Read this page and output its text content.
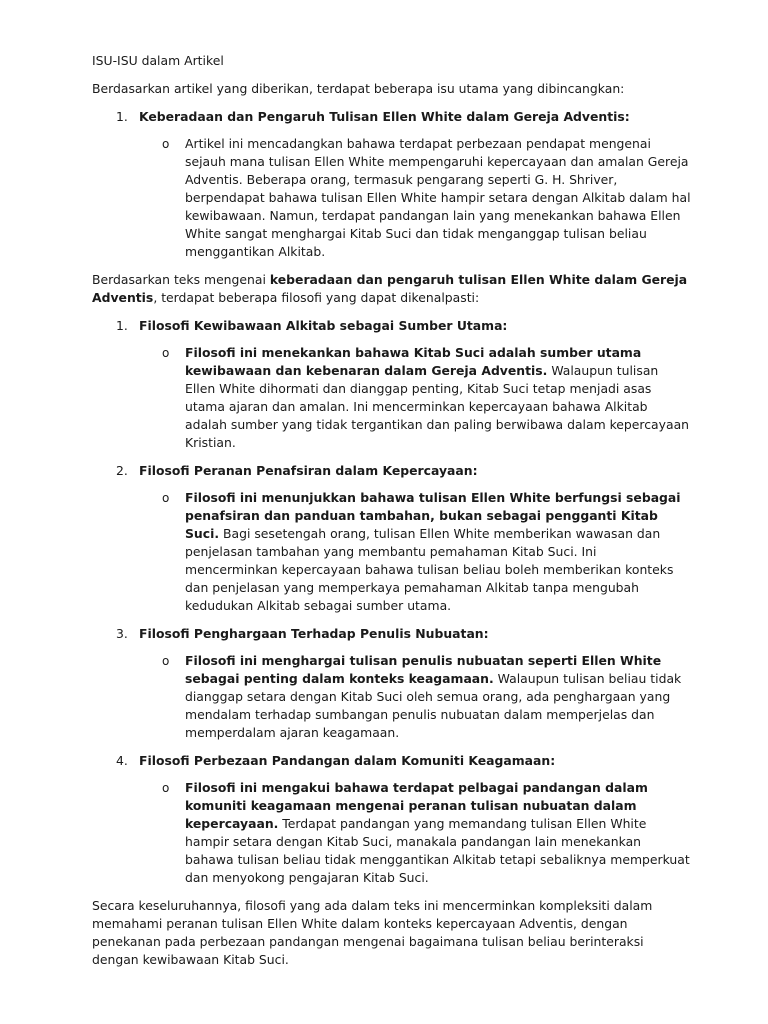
ISU-ISU dalam Artikel

Berdasarkan artikel yang diberikan, terdapat beberapa isu utama yang dibincangkan:

1. Keberadaan dan Pengaruh Tulisan Ellen White dalam Gereja Adventis:
o Artikel ini mencadangkan bahawa terdapat perbezaan pendapat mengenai sejauh mana tulisan Ellen White mempengaruhi kepercayaan dan amalan Gereja Adventis. Beberapa orang, termasuk pengarang seperti G. H. Shriver, berpendapat bahawa tulisan Ellen White hampir setara dengan Alkitab dalam hal kewibawaan. Namun, terdapat pandangan lain yang menekankan bahawa Ellen White sangat menghargai Kitab Suci dan tidak menganggap tulisan beliau menggantikan Alkitab.

Berdasarkan teks mengenai keberadaan dan pengaruh tulisan Ellen White dalam Gereja Adventis, terdapat beberapa filosofi yang dapat dikenalpasti:

1. Filosofi Kewibawaan Alkitab sebagai Sumber Utama:
o Filosofi ini menekankan bahawa Kitab Suci adalah sumber utama kewibawaan dan kebenaran dalam Gereja Adventis. Walaupun tulisan Ellen White dihormati dan dianggap penting, Kitab Suci tetap menjadi asas utama ajaran dan amalan. Ini mencerminkan kepercayaan bahawa Alkitab adalah sumber yang tidak tergantikan dan paling berwibawa dalam kepercayaan Kristian.
2. Filosofi Peranan Penafsiran dalam Kepercayaan:
o Filosofi ini menunjukkan bahawa tulisan Ellen White berfungsi sebagai penafsiran dan panduan tambahan, bukan sebagai pengganti Kitab Suci. Bagi sesetengah orang, tulisan Ellen White memberikan wawasan dan penjelasan tambahan yang membantu pemahaman Kitab Suci. Ini mencerminkan kepercayaan bahawa tulisan beliau boleh memberikan konteks dan penjelasan yang memperkaya pemahaman Alkitab tanpa mengubah kedudukan Alkitab sebagai sumber utama.
3. Filosofi Penghargaan Terhadap Penulis Nubuatan:
o Filosofi ini menghargai tulisan penulis nubuatan seperti Ellen White sebagai penting dalam konteks keagamaan. Walaupun tulisan beliau tidak dianggap setara dengan Kitab Suci oleh semua orang, ada penghargaan yang mendalam terhadap sumbangan penulis nubuatan dalam memperjelas dan memperdalam ajaran keagamaan.
4. Filosofi Perbezaan Pandangan dalam Komuniti Keagamaan:
o Filosofi ini mengakui bahawa terdapat pelbagai pandangan dalam komuniti keagamaan mengenai peranan tulisan nubuatan dalam kepercayaan. Terdapat pandangan yang memandang tulisan Ellen White hampir setara dengan Kitab Suci, manakala pandangan lain menekankan bahawa tulisan beliau tidak menggantikan Alkitab tetapi sebaliknya memperkuat dan menyokong pengajaran Kitab Suci.

Secara keseluruhannya, filosofi yang ada dalam teks ini mencerminkan kompleksiti dalam memahami peranan tulisan Ellen White dalam konteks kepercayaan Adventis, dengan penekanan pada perbezaan pandangan mengenai bagaimana tulisan beliau berinteraksi dengan kewibawaan Kitab Suci.
